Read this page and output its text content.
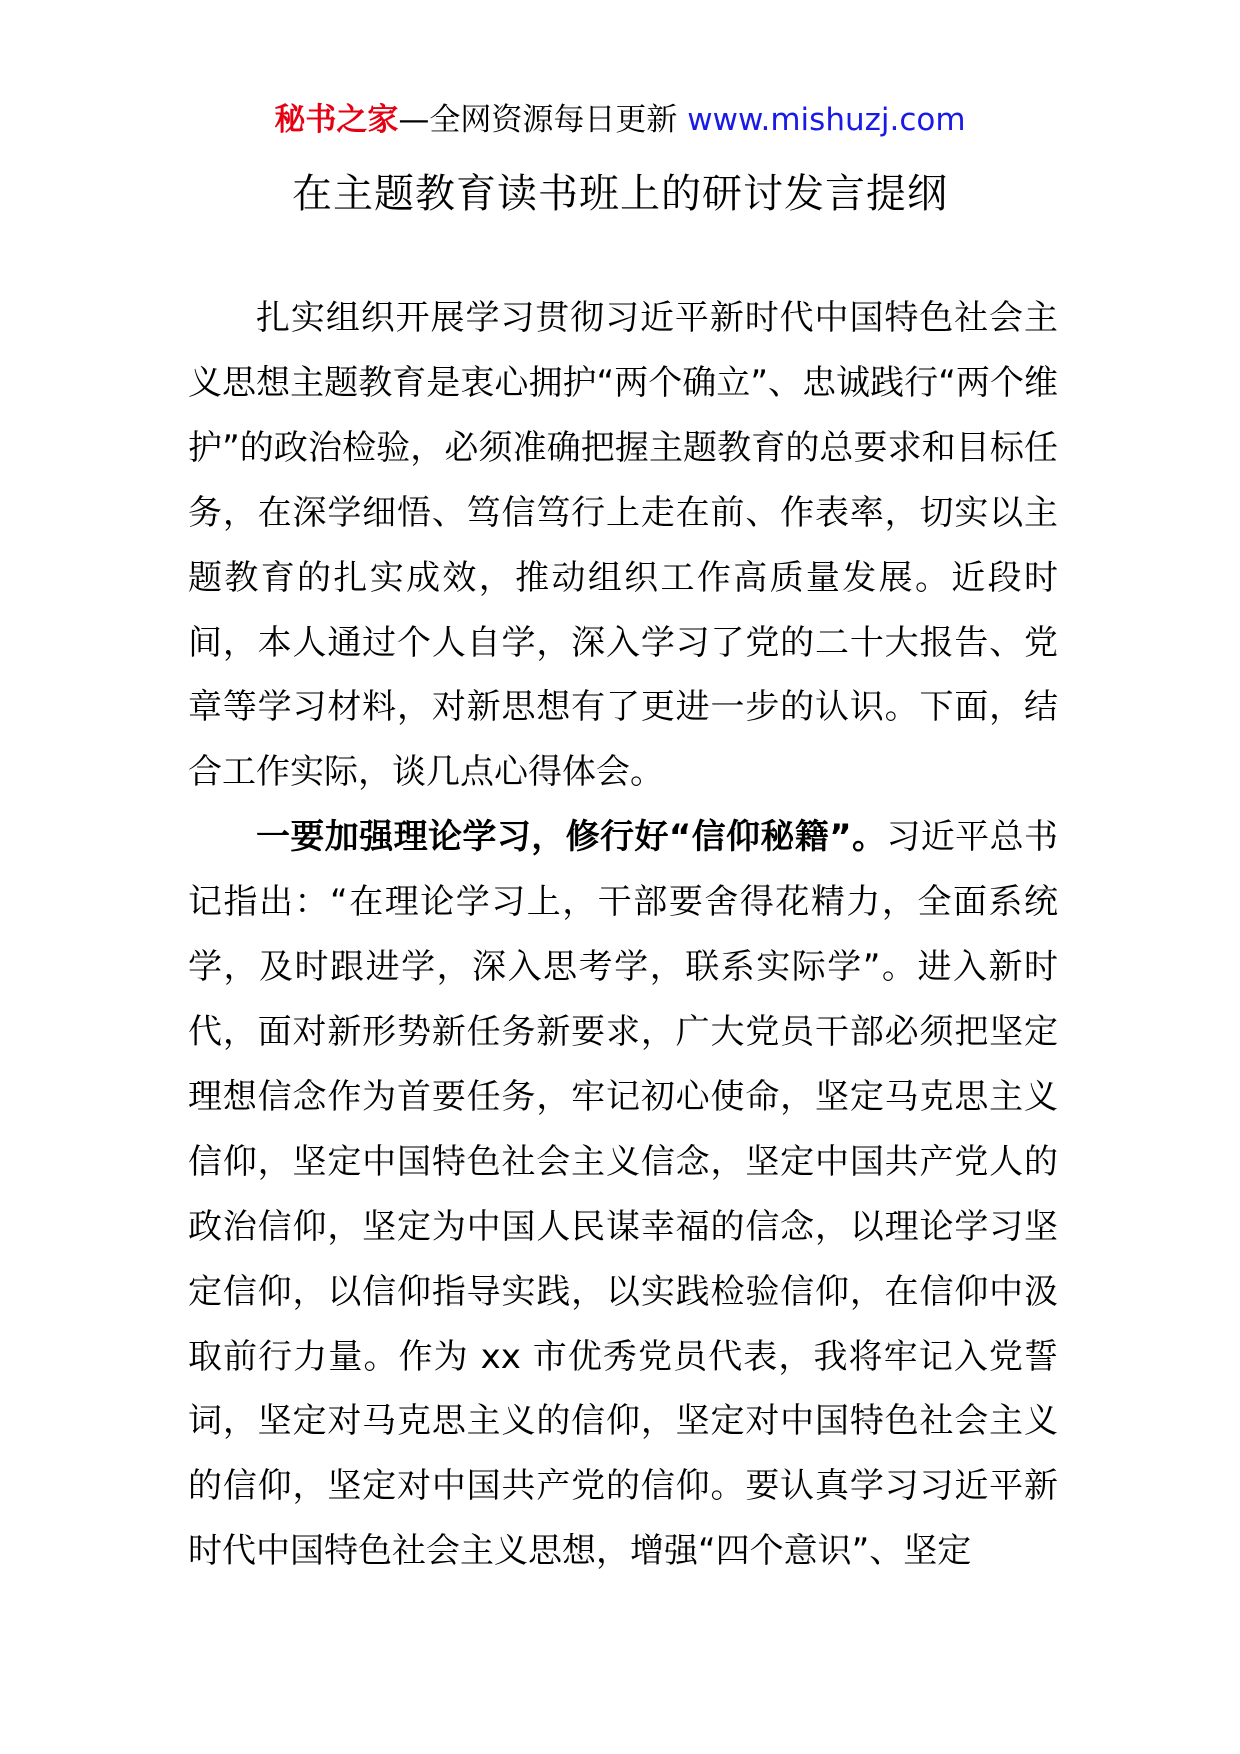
秘书之家—全网资源每日更新 www.mishuzj.com
在主题教育读书班上的研讨发言提纲

扎实组织开展学习贯彻习近平新时代中国特色社会主义思想主题教育是衷心拥护“两个确立”、忠诚践行“两个维护”的政治检验，必须准确把握主题教育的总要求和目标任务，在深学细悟、笃信笃行上走在前、作表率，切实以主题教育的扎实成效，推动组织工作高质量发展。近段时间，本人通过个人自学，深入学习了党的二十大报告、党章等学习材料，对新思想有了更进一步的认识。下面，结合工作实际，谈几点心得体会。

一要加强理论学习，修行好“信仰秘籍”。习近平总书记指出：“在理论学习上，干部要舍得花精力，全面系统学，及时跟进学，深入思考学，联系实际学”。进入新时代，面对新形势新任务新要求，广大党员干部必须把坚定理想信念作为首要任务，牢记初心使命，坚定马克思主义信仰，坚定中国特色社会主义信念，坚定中国共产党人的政治信仰，坚定为中国人民谋幸福的信念，以理论学习坚定信仰，以信仰指导实践，以实践检验信仰，在信仰中汲取前行力量。作为 xx 市优秀党员代表，我将牢记入党誓词，坚定对马克思主义的信仰，坚定对中国特色社会主义的信仰，坚定对中国共产党的信仰。要认真学习习近平新时代中国特色社会主义思想，增强“四个意识”、坚定
